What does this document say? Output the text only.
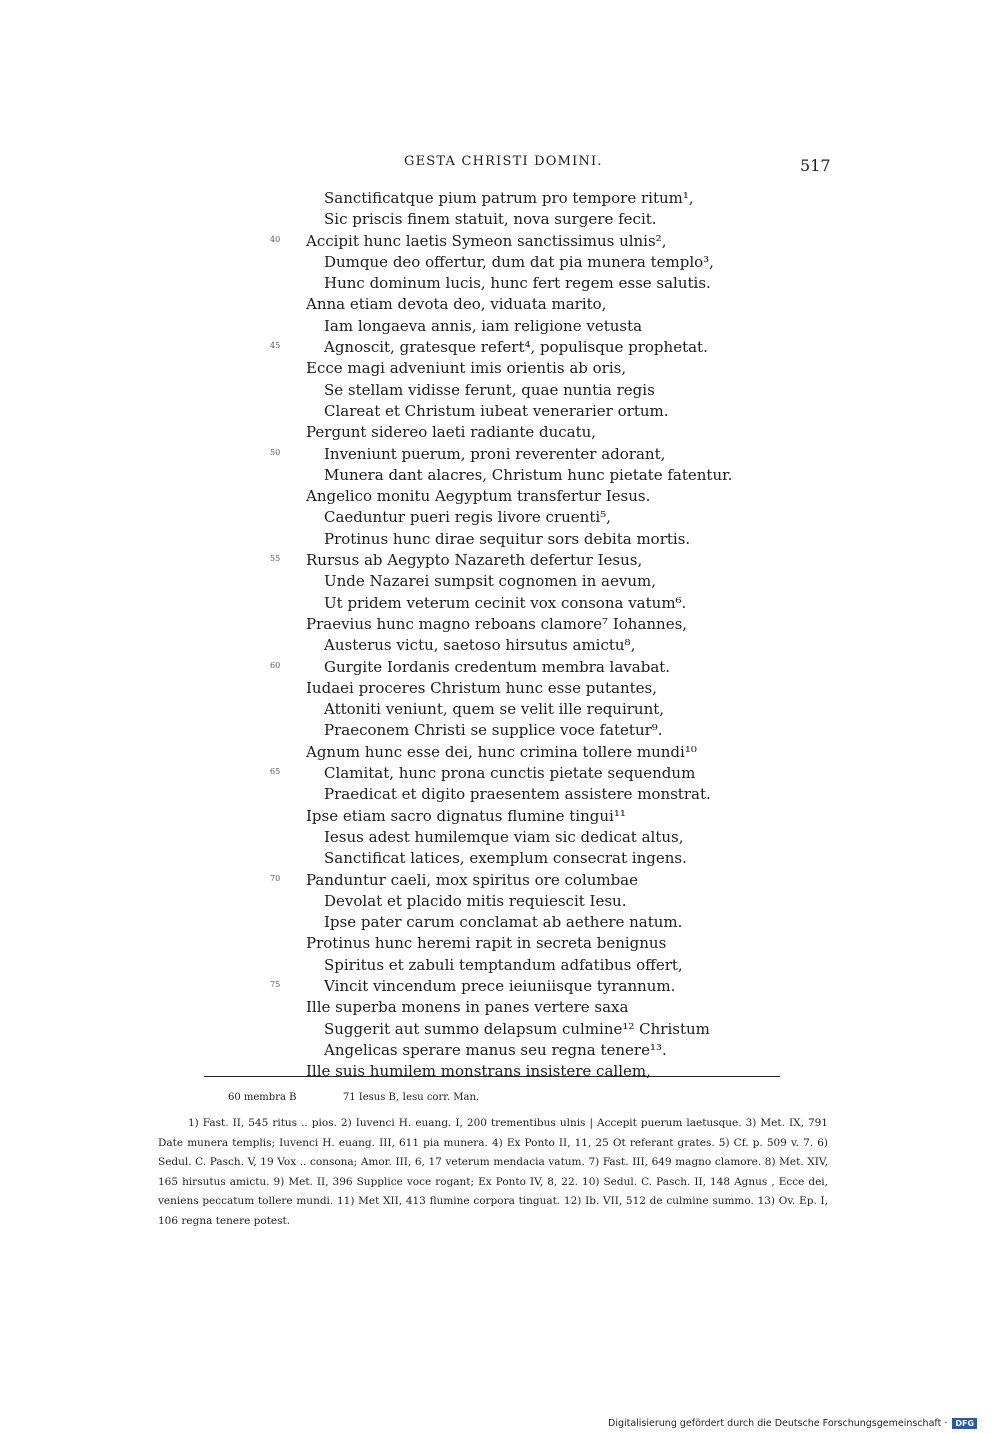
GESTA CHRISTI DOMINI.	517
Sanctificatque pium patrum pro tempore ritum¹,
Sic priscis finem statuit, nova surgere fecit.
40 Accipit hunc laetis Symeon sanctissimus ulnis²,
Dumque deo offertur, dum dat pia munera templo³,
Hunc dominum lucis, hunc fert regem esse salutis.
Anna etiam devota deo, viduata marito,
Iam longaeva annis, iam religione vetusta
45	Agnoscit, gratesque refert⁴, populisque prophetat.
Ecce magi adveniunt imis orientis ab oris,
Se stellam vidisse ferunt, quae nuntia regis
Clareat et Christum iubeat venerarier ortum.
Pergunt sidereo laeti radiante ducatu,
50	Inveniunt puerum, proni reverenter adorant,
Munera dant alacres, Christum hunc pietate fatentur.
Angelico monitu Aegyptum transfertur Iesus.
Caeduntur pueri regis livore cruenti⁵,
Protinus hunc dirae sequitur sors debita mortis.
55 Rursus ab Aegypto Nazareth defertur Iesus,
Unde Nazarei sumpsit cognomen in aevum,
Ut pridem veterum cecinit vox consona vatum⁶.
Praevius hunc magno reboans clamore⁷ Iohannes,
Austerus victu, saetoso hirsutus amictu⁸,
60	Gurgite Iordanis credentum membra lavabat.
Iudaei proceres Christum hunc esse putantes,
Attoniti veniunt, quem se velit ille requirunt,
Praeconem Christi se supplice voce fatetur⁹.
Agnum hunc esse dei, hunc crimina tollere mundi¹⁰
65	Clamitat, hunc prona cunctis pietate sequendum
Praedicat et digito praesentem assistere monstrat.
Ipse etiam sacro dignatus flumine tingui¹¹
Iesus adest humilemque viam sic dedicat altus,
Sanctificat latices, exemplum consecrat ingens.
70 Panduntur caeli, mox spiritus ore columbae
Devolat et placido mitis requiescit Iesu.
Ipse pater carum conclamat ab aethere natum.
Protinus hunc heremi rapit in secreta benignus
Spiritus et zabuli temptandum adfatibus offert,
75	Vincit vincendum prece ieiuniisque tyrannum.
Ille superba monens in panes vertere saxa
Suggerit aut summo delapsum culmine¹² Christum
Angelicas sperare manus seu regna tenere¹³.
Ille suis humilem monstrans insistere callem,
60 membra B	71 Iesus B, Iesu corr. Man.

1) Fast. II, 545 ritus .. pios. 2) Iuvenci H. euang. I, 200 trementibus ulnis | Accepit puerum laetusque. 3) Met. IX, 791 Date munera templis; Iuvenci H. euang. III, 611 pia munera. 4) Ex Ponto II, 11, 25 Ot referant grates. 5) Cf. p. 509 v. 7. 6) Sedul. C. Pasch. V, 19 Vox .. consona; Amor. III, 6, 17 veterum mendacia vatum. 7) Fast. III, 649 magno clamore. 8) Met. XIV, 165 hirsutus amictu. 9) Met. II, 396 Supplice voce rogant; Ex Ponto IV, 8, 22. 10) Sedul. C. Pasch. II, 148 Agnus , Ecce dei, veniens peccatum tollere mundi. 11) Met XII, 413 flumine corpora tinguat. 12) Ib. VII, 512 de culmine summo. 13) Ov. Ep. I, 106 regna tenere potest.

Digitalisierung gefördert durch die Deutsche Forschungsgemeinschaft · DFG
